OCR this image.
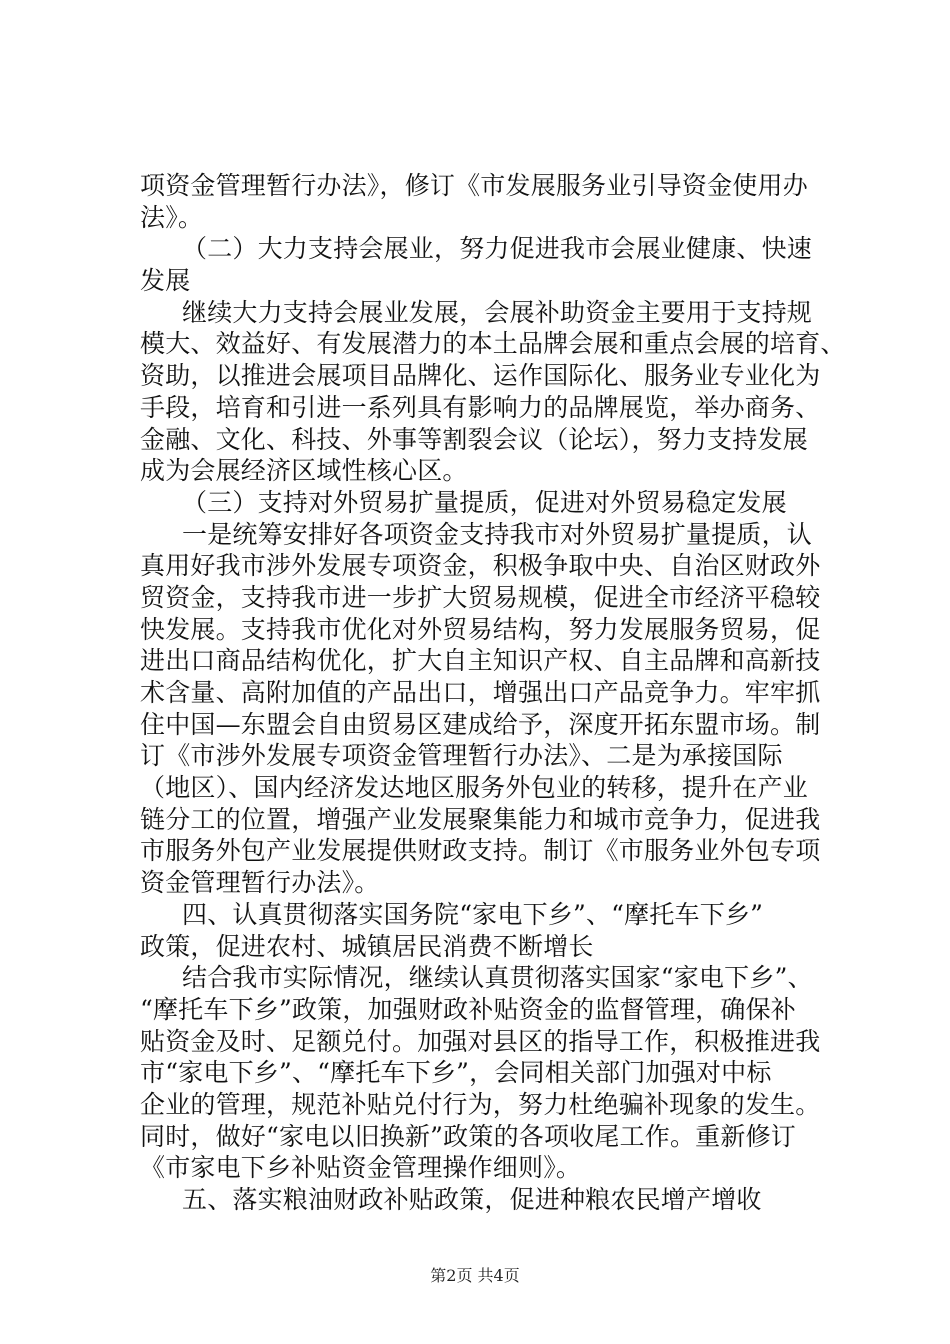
项资金管理暂行办法》，修订《市发展服务业引导资金使用办
法》。
（二）大力支持会展业，努力促进我市会展业健康、快速
发展
继续大力支持会展业发展，会展补助资金主要用于支持规
模大、效益好、有发展潜力的本土品牌会展和重点会展的培育、
资助，以推进会展项目品牌化、运作国际化、服务业专业化为
手段，培育和引进一系列具有影响力的品牌展览，举办商务、
金融、文化、科技、外事等割裂会议（论坛），努力支持发展
成为会展经济区域性核心区。
（三）支持对外贸易扩量提质，促进对外贸易稳定发展
一是统筹安排好各项资金支持我市对外贸易扩量提质，认
真用好我市涉外发展专项资金，积极争取中央、自治区财政外
贸资金，支持我市进一步扩大贸易规模，促进全市经济平稳较
快发展。支持我市优化对外贸易结构，努力发展服务贸易，促
进出口商品结构优化，扩大自主知识产权、自主品牌和高新技
术含量、高附加值的产品出口，增强出口产品竞争力。牢牢抓
住中国—东盟会自由贸易区建成给予，深度开拓东盟市场。制
订《市涉外发展专项资金管理暂行办法》、二是为承接国际
（地区）、国内经济发达地区服务外包业的转移，提升在产业
链分工的位置，增强产业发展聚集能力和城市竞争力，促进我
市服务外包产业发展提供财政支持。制订《市服务业外包专项
资金管理暂行办法》。
四、认真贯彻落实国务院“家电下乡”、“摩托车下乡”
政策，促进农村、城镇居民消费不断增长
结合我市实际情况，继续认真贯彻落实国家“家电下乡”、
“摩托车下乡”政策，加强财政补贴资金的监督管理，确保补
贴资金及时、足额兑付。加强对县区的指导工作，积极推进我
市“家电下乡”、“摩托车下乡”，会同相关部门加强对中标
企业的管理，规范补贴兑付行为，努力杜绝骗补现象的发生。
同时，做好“家电以旧换新”政策的各项收尾工作。重新修订
《市家电下乡补贴资金管理操作细则》。
五、落实粮油财政补贴政策，促进种粮农民增产增收
第2页 共4页
